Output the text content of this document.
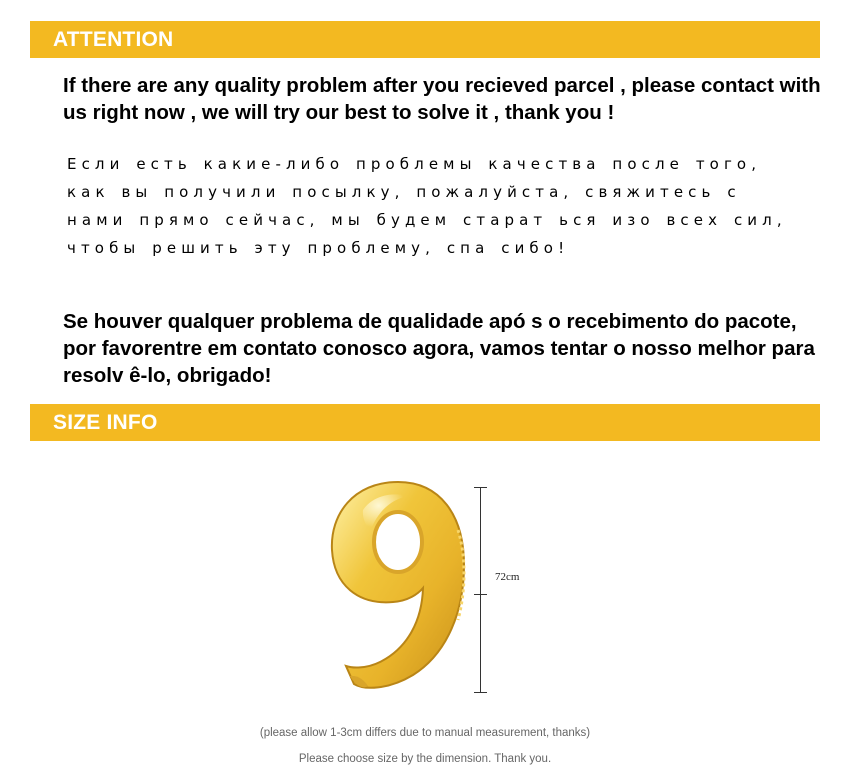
ATTENTION

If there are any quality problem after you recieved parcel , please contact with us right now , we will try our best to solve it , thank you !

Если есть какие-либо проблемы качества после того, как вы получили посылку, пожалуйста, свяжитесь с нами прямо сейчас, мы будем старат ься изо всех сил, чтобы решить эту проблему, спа сибо!

Se houver qualquer problema de qualidade apó s o recebimento do pacote, por favorentre em contato conosco agora, vamos tentar o nosso melhor para resolv ê-lo, obrigado!

SIZE INFO
72cm
(please allow 1-3cm differs due to manual measurement, thanks)
Please choose size by the dimension. Thank you.
